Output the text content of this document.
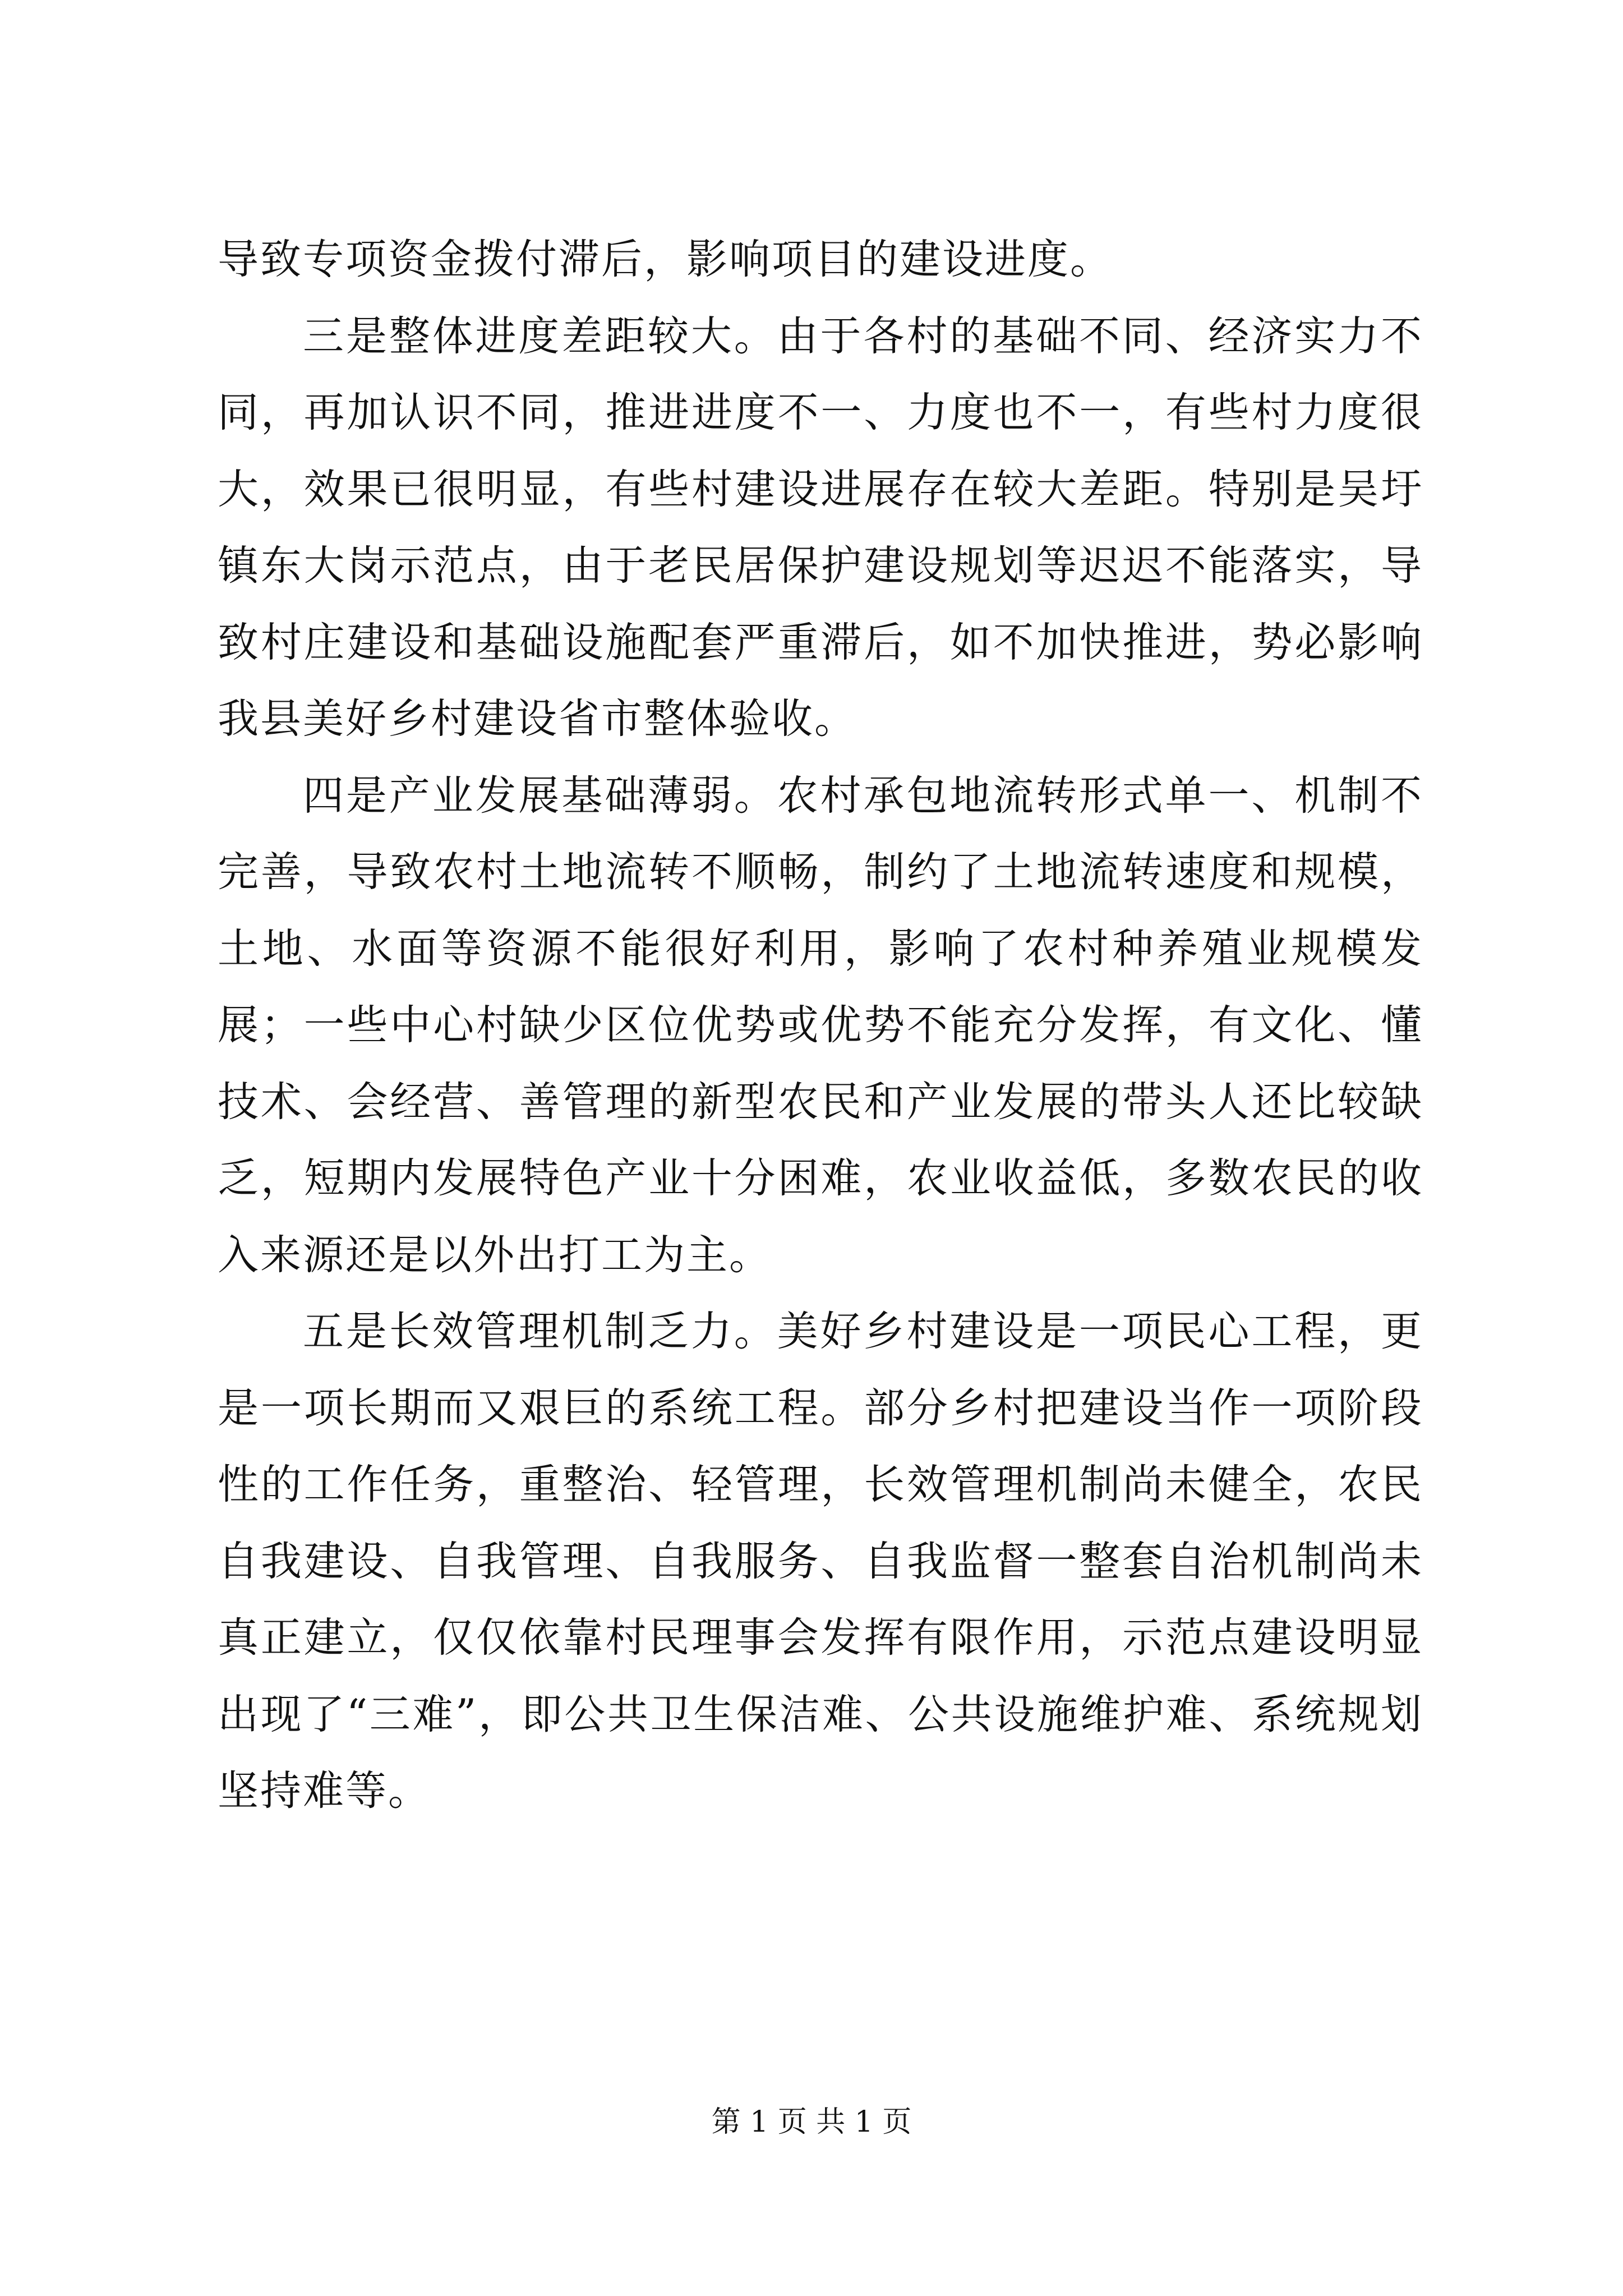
导致专项资金拨付滞后，影响项目的建设进度。

三是整体进度差距较大。由于各村的基础不同、经济实力不同，再加认识不同，推进进度不一、力度也不一，有些村力度很大，效果已很明显，有些村建设进展存在较大差距。特别是吴圩镇东大岗示范点，由于老民居保护建设规划等迟迟不能落实，导致村庄建设和基础设施配套严重滞后，如不加快推进，势必影响我县美好乡村建设省市整体验收。

四是产业发展基础薄弱。农村承包地流转形式单一、机制不完善，导致农村土地流转不顺畅，制约了土地流转速度和规模，土地、水面等资源不能很好利用，影响了农村种养殖业规模发展；一些中心村缺少区位优势或优势不能充分发挥，有文化、懂技术、会经营、善管理的新型农民和产业发展的带头人还比较缺乏，短期内发展特色产业十分困难，农业收益低，多数农民的收入来源还是以外出打工为主。

五是长效管理机制乏力。美好乡村建设是一项民心工程，更是一项长期而又艰巨的系统工程。部分乡村把建设当作一项阶段性的工作任务，重整治、轻管理，长效管理机制尚未健全，农民自我建设、自我管理、自我服务、自我监督一整套自治机制尚未真正建立，仅仅依靠村民理事会发挥有限作用，示范点建设明显出现了“三难”，即公共卫生保洁难、公共设施维护难、系统规划坚持难等。

第 1 页 共 1 页
